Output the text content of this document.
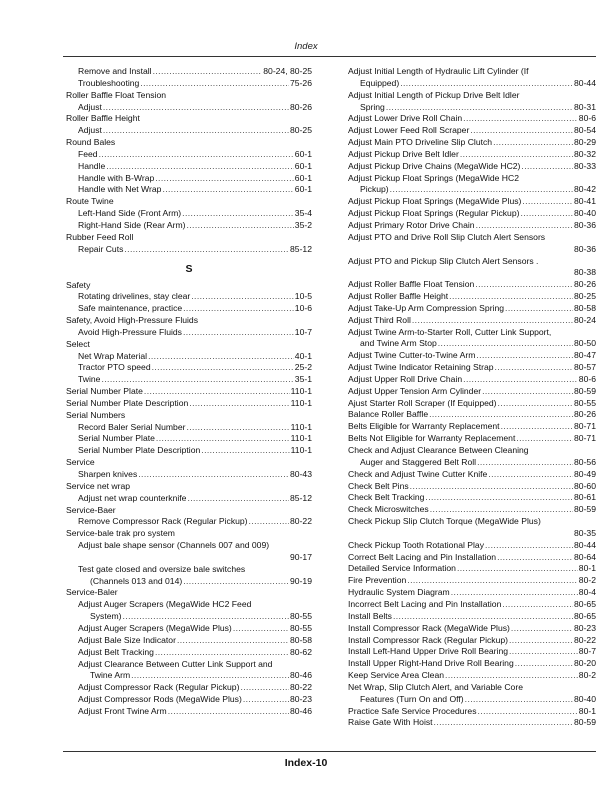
Index
Remove and Install .....	80-24, 80-25
Troubleshooting .....	75-26
Roller Baffle Float Tension
Adjust .....	80-26
Roller Baffle Height
Adjust .....	80-25
Round Bales
Feed .....	60-1
Handle .....	60-1
Handle with B-Wrap .....	60-1
Handle with Net Wrap .....	60-1
Route Twine
Left-Hand Side (Front Arm) .....	35-4
Right-Hand Side (Rear Arm) .....	35-2
Rubber Feed Roll
Repair Cuts .....	85-12
S
Safety
Rotating drivelines, stay clear .....	10-5
Safe maintenance, practice .....	10-6
Safety, Avoid High-Pressure Fluids
Avoid High-Pressure Fluids .....	10-7
Select
Net Wrap Material .....	40-1
Tractor PTO speed .....	25-2
Twine .....	35-1
Serial Number Plate .....	110-1
Serial Number Plate Description .....	110-1
Serial Numbers
Record Baler Serial Number .....	110-1
Serial Number Plate .....	110-1
Serial Number Plate Description .....	110-1
Service
Sharpen knives .....	80-43
Service net wrap
Adjust net wrap counterknife .....	85-12
Service-Baer
Remove Compressor Rack (Regular Pickup) .....	80-22
Service-bale trak pro system
Adjust bale shape sensor (Channels 007 and 009)
90-17
Test gate closed and oversize bale switches
(Channels 013 and 014) .....	90-19
Service-Baler
Adjust Auger Scrapers (MegaWide HC2 Feed
System) .....	80-55
Adjust Auger Scrapers (MegaWide Plus) .....	80-55
Adjust Bale Size Indicator .....	80-58
Adjust Belt Tracking .....	80-62
Adjust Clearance Between Cutter Link Support and
Twine Arm .....	80-46
Adjust Compressor Rack (Regular Pickup) .....	80-22
Adjust Compressor Rods (MegaWide Plus) .....	80-23
Adjust Front Twine Arm .....	80-46
Adjust Initial Length of Hydraulic Lift Cylinder (If
Equipped) .....	80-44
Adjust Initial Length of Pickup Drive Belt Idler
Spring .....	80-31
Adjust Lower Drive Roll Chain .....	80-6
Adjust Lower Feed Roll Scraper .....	80-54
Adjust Main PTO Driveline Slip Clutch .....	80-29
Adjust Pickup Drive Belt Idler .....	80-32
Adjust Pickup Drive Chains (MegaWide HC2) .....	80-33
Adjust Pickup Float Springs (MegaWide HC2
Pickup) .....	80-42
Adjust Pickup Float Springs (MegaWide Plus) .....	80-41
Adjust Pickup Float Springs (Regular Pickup) .....	80-40
Adjust Primary Rotor Drive Chain .....	80-36
Adjust PTO and Drive Roll Slip Clutch Alert Sensors
80-36
Adjust PTO and Pickup Slip Clutch Alert Sensors .
80-38
Adjust Roller Baffle Float Tension .....	80-26
Adjust Roller Baffle Height .....	80-25
Adjust Take-Up Arm Compression Spring .....	80-58
Adjust Third Roll .....	80-24
Adjust Twine Arm-to-Starter Roll, Cutter Link Support,
and Twine Arm Stop .....	80-50
Adjust Twine Cutter-to-Twine Arm .....	80-47
Adjust Twine Indicator Retaining Strap .....	80-57
Adjust Upper Roll Drive Chain .....	80-6
Adjust Upper Tension Arm Cylinder .....	80-59
Ajust Starter Roll Scraper (If Equipped) .....	80-55
Balance Roller Baffle .....	80-26
Belts Eligible for Warranty Replacement .....	80-71
Belts Not Eligible for Warranty Replacement .....	80-71
Check and Adjust Clearance Between Cleaning
Auger and Staggered Belt Roll .....	80-56
Check and Adjust Twine Cutter Knife .....	80-49
Check Belt Pins .....	80-60
Check Belt Tracking .....	80-61
Check Microswitches .....	80-59
Check Pickup Slip Clutch Torque (MegaWide Plus)
80-35
Check Pickup Tooth Rotational Play .....	80-44
Correct Belt Lacing and Pin Installation .....	80-64
Detailed Service Information .....	80-1
Fire Prevention .....	80-2
Hydraulic System Diagram .....	80-4
Incorrect Belt Lacing and Pin Installation .....	80-65
Install Belts .....	80-65
Install Compressor Rack (MegaWide Plus) .....	80-23
Install Compressor Rack (Regular Pickup) .....	80-22
Install Left-Hand Upper Drive Roll Bearing .....	80-7
Install Upper Right-Hand Drive Roll Bearing .....	80-20
Keep Service Area Clean .....	80-2
Net Wrap, Slip Clutch Alert, and Variable Core
Features (Turn On and Off) .....	80-40
Practice Safe Service Procedures .....	80-1
Raise Gate With Hoist .....	80-59
Index-10
